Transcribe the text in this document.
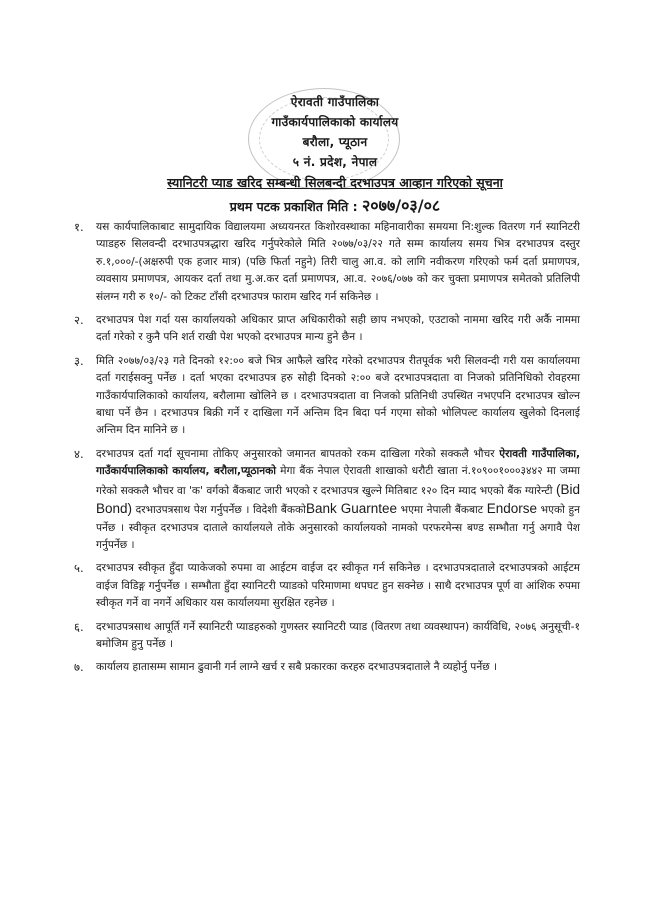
ऐरावती गाउँपालिका
गाउँकार्यपालिकाको कार्यालय
बरौला, प्यूठान
५ नं. प्रदेश, नेपाल
स्यानिटरी प्याड खरिद सम्बन्धी सिलबन्दी दरभाउपत्र आव्हान गरिएको सूचना
प्रथम पटक प्रकाशित मिति : २०७७/०३/०८
१. यस कार्यपालिकाबाट सामुदायिक विद्यालयमा अध्ययनरत किशोरवस्थाका महिनावारीका समयमा नि:शुल्क वितरण गर्न स्यानिटरी प्याडहरु सिलवन्दी दरभाउपत्रद्धारा खरिद गर्नुपरेकोले मिति २०७७/०३/२२ गते सम्म कार्यालय समय भित्र दरभाउपत्र दस्तुर रु.१,०००/-(अक्षरुपी एक हजार मात्र) (पछि फिर्ता नहुने) तिरी चालु आ.व. को लागि नवीकरण गरिएको फर्म दर्ता प्रमाणपत्र, व्यवसाय प्रमाणपत्र, आयकर दर्ता तथा मु.अ.कर दर्ता प्रमाणपत्र, आ.व. २०७६/०७७ को कर चुक्ता प्रमाणपत्र समेतको प्रतिलिपी संलग्न गरी रु १०/- को टिकट टाँसी दरभाउपत्र फाराम खरिद गर्न सकिनेछ ।
२. दरभाउपत्र पेश गर्दा यस कार्यालयको अधिकार प्राप्त अधिकारीको सही छाप नभएको, एउटाको नाममा खरिद गरी अर्कै नाममा दर्ता गरेको र कुनै पनि शर्त राखी पेश भएको दरभाउपत्र मान्य हुने छैन ।
३. मिति २०७७/०३/२३ गते दिनको १२:०० बजे भित्र आफैले खरिद गरेको दरभाउपत्र रीतपूर्वक भरी सिलवन्दी गरी यस कार्यालयमा दर्ता गराईसक्नु पर्नेछ । दर्ता भएका दरभाउपत्र हरु सोही दिनको २:०० बजे दरभाउपत्रदाता वा निजको प्रतिनिधिको रोवहरमा गाउँकार्यपालिकाको कार्यालय, बरौलामा खोलिने छ । दरभाउपत्रदाता वा निजको प्रतिनिधी उपस्थित नभएपनि दरभाउपत्र खोल्न बाधा पर्ने छैन । दरभाउपत्र बिक्री गर्ने र दाखिला गर्ने अन्तिम दिन बिदा पर्न गएमा सोको भोलिपल्ट कार्यालय खुलेको दिनलाई अन्तिम दिन मानिने छ ।
४. दरभाउपत्र दर्ता गर्दा सूचनामा तोकिए अनुसारको जमानत बापतको रकम दाखिला गरेको सक्कलै भौचर ऐरावती गाउँपालिका, गाउँकार्यपालिकाको कार्यालय, बरौला,प्यूठानको मेगा बैंक नेपाल ऐरावती शाखाको धरौटी खाता नं.१०९००१०००३४४२ मा जम्मा गरेको सक्कलै भौचर वा 'क' वर्गको बैंकबाट जारी भएको र दरभाउपत्र खुल्ने मितिबाट १२० दिन म्याद भएको बैंक ग्यारेन्टी (Bid Bond) दरभाउपत्रसाथ पेश गर्नुपर्नेछ । विदेशी बैंककोBank Guarntee भएमा नेपाली बैंकबाट Endorse भएको हुन पर्नेछ । स्वीकृत दरभाउपत्र दाताले कार्यालयले तोके अनुसारको कार्यालयको नामको परफरमेन्स बण्ड सम्भौता गर्नु अगावै पेश गर्नुपर्नेछ ।
५. दरभाउपत्र स्वीकृत हुँदा प्याकेजको रुपमा वा आईटम वाईज दर स्वीकृत गर्न सकिनेछ । दरभाउपत्रदाताले दरभाउपत्रको आईटम वाईज विडिङ्ग गर्नुपर्नेछ । सम्भौता हुँदा स्यानिटरी प्याडको परिमाणमा थपघट हुन सक्नेछ । साथै दरभाउपत्र पूर्ण वा आंशिक रुपमा स्वीकृत गर्ने वा नगर्ने अधिकार यस कार्यालयमा सुरक्षित रहनेछ ।
६. दरभाउपत्रसाथ आपूर्ति गर्ने स्यानिटरी प्याडहरुको गुणस्तर स्यानिटरी प्याड (वितरण तथा व्यवस्थापन) कार्यविधि, २०७६ अनुसूची-१ बमोजिम हुनु पर्नेछ ।
७. कार्यालय हातासम्म सामान ढुवानी गर्न लाग्ने खर्च र सबै प्रकारका करहरु दरभाउपत्रदाताले नै व्यहोर्नु पर्नेछ ।
